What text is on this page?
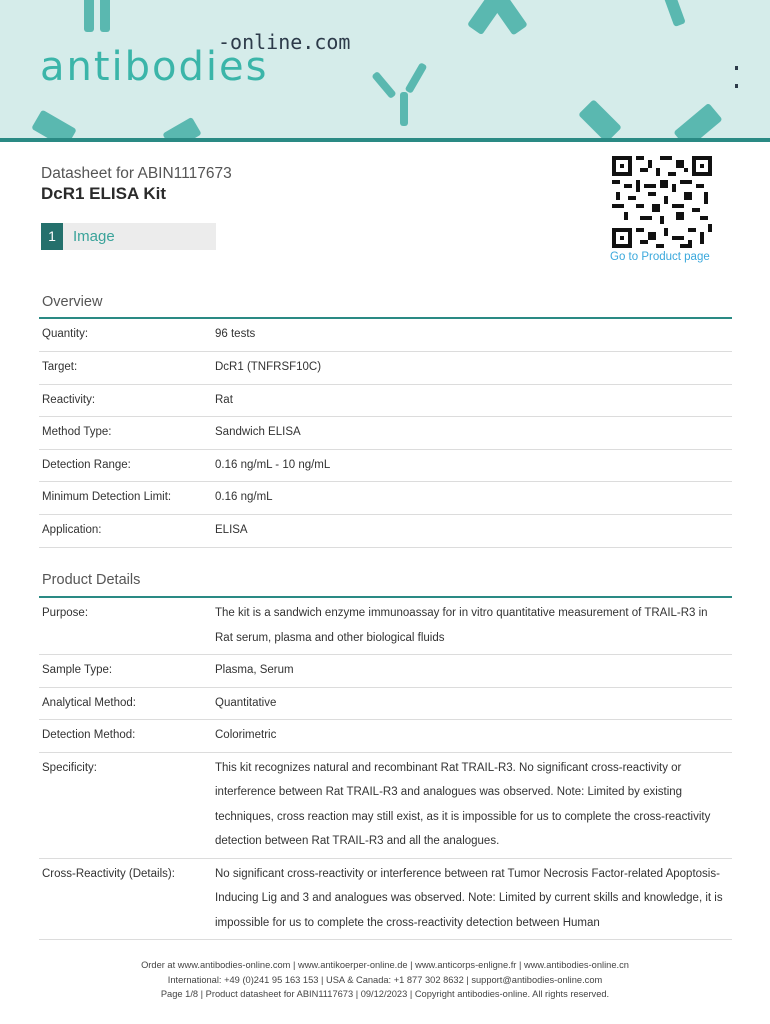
-online.com
antibodies
Datasheet for ABIN1117673
DcR1 ELISA Kit
Go to Product page
1	Image
Overview
Quantity:	96 tests
Target:	DcR1 (TNFRSF10C)
Reactivity:	Rat
Method Type:	Sandwich ELISA
Detection Range:	0.16 ng/mL - 10 ng/mL
Minimum Detection Limit:	0.16 ng/mL
Application:	ELISA
Product Details
Purpose:	The kit is a sandwich enzyme immunoassay for in vitro quantitative measurement of TRAIL-R3 in Rat serum, plasma and other biological fluids
Sample Type:	Plasma, Serum
Analytical Method:	Quantitative
Detection Method:	Colorimetric
Specificity:	This kit recognizes natural and recombinant Rat TRAIL-R3. No significant cross-reactivity or interference between Rat TRAIL-R3 and analogues was observed. Note: Limited by existing techniques, cross reaction may still exist, as it is impossible for us to complete the cross-reactivity detection between Rat TRAIL-R3 and all the analogues.
Cross-Reactivity (Details):	No significant cross-reactivity or interference between rat Tumor Necrosis Factor-related Apoptosis-Inducing Lig and 3 and analogues was observed. Note: Limited by current skills and knowledge, it is impossible for us to complete the cross-reactivity detection between Human
Order at www.antibodies-online.com | www.antikoerper-online.de | www.anticorps-enligne.fr | www.antibodies-online.cn
International: +49 (0)241 95 163 153 | USA & Canada: +1 877 302 8632 | support@antibodies-online.com
Page 1/8 | Product datasheet for ABIN1117673 | 09/12/2023 | Copyright antibodies-online. All rights reserved.
